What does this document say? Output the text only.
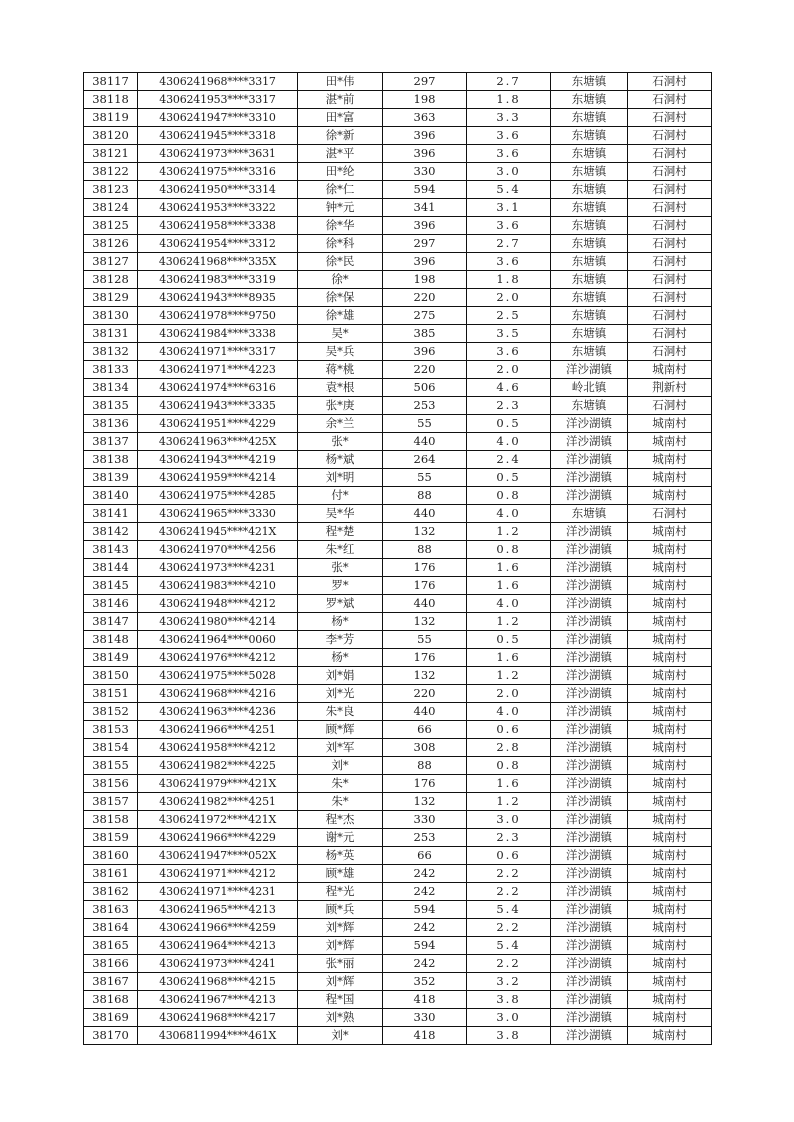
38117	4306241968****3317	田*伟	297	2.7	东塘镇	石洞村
38118	4306241953****3317	湛*前	198	1.8	东塘镇	石洞村
38119	4306241947****3310	田*富	363	3.3	东塘镇	石洞村
38120	4306241945****3318	徐*新	396	3.6	东塘镇	石洞村
38121	4306241973****3631	湛*平	396	3.6	东塘镇	石洞村
38122	4306241975****3316	田*纶	330	3.0	东塘镇	石洞村
38123	4306241950****3314	徐*仁	594	5.4	东塘镇	石洞村
38124	4306241953****3322	钟*元	341	3.1	东塘镇	石洞村
38125	4306241958****3338	徐*华	396	3.6	东塘镇	石洞村
38126	4306241954****3312	徐*科	297	2.7	东塘镇	石洞村
38127	4306241968****335X	徐*民	396	3.6	东塘镇	石洞村
38128	4306241983****3319	徐*	198	1.8	东塘镇	石洞村
38129	4306241943****8935	徐*保	220	2.0	东塘镇	石洞村
38130	4306241978****9750	徐*雄	275	2.5	东塘镇	石洞村
38131	4306241984****3338	吴*	385	3.5	东塘镇	石洞村
38132	4306241971****3317	吴*兵	396	3.6	东塘镇	石洞村
38133	4306241971****4223	蒋*桃	220	2.0	洋沙湖镇	城南村
38134	4306241974****6316	袁*根	506	4.6	岭北镇	荆新村
38135	4306241943****3335	张*庚	253	2.3	东塘镇	石洞村
38136	4306241951****4229	余*兰	55	0.5	洋沙湖镇	城南村
38137	4306241963****425X	张*	440	4.0	洋沙湖镇	城南村
38138	4306241943****4219	杨*斌	264	2.4	洋沙湖镇	城南村
38139	4306241959****4214	刘*明	55	0.5	洋沙湖镇	城南村
38140	4306241975****4285	付*	88	0.8	洋沙湖镇	城南村
38141	4306241965****3330	吴*华	440	4.0	东塘镇	石洞村
38142	4306241945****421X	程*楚	132	1.2	洋沙湖镇	城南村
38143	4306241970****4256	朱*红	88	0.8	洋沙湖镇	城南村
38144	4306241973****4231	张*	176	1.6	洋沙湖镇	城南村
38145	4306241983****4210	罗*	176	1.6	洋沙湖镇	城南村
38146	4306241948****4212	罗*斌	440	4.0	洋沙湖镇	城南村
38147	4306241980****4214	杨*	132	1.2	洋沙湖镇	城南村
38148	4306241964****0060	李*芳	55	0.5	洋沙湖镇	城南村
38149	4306241976****4212	杨*	176	1.6	洋沙湖镇	城南村
38150	4306241975****5028	刘*娟	132	1.2	洋沙湖镇	城南村
38151	4306241968****4216	刘*光	220	2.0	洋沙湖镇	城南村
38152	4306241963****4236	朱*良	440	4.0	洋沙湖镇	城南村
38153	4306241966****4251	顾*辉	66	0.6	洋沙湖镇	城南村
38154	4306241958****4212	刘*军	308	2.8	洋沙湖镇	城南村
38155	4306241982****4225	刘*	88	0.8	洋沙湖镇	城南村
38156	4306241979****421X	朱*	176	1.6	洋沙湖镇	城南村
38157	4306241982****4251	朱*	132	1.2	洋沙湖镇	城南村
38158	4306241972****421X	程*杰	330	3.0	洋沙湖镇	城南村
38159	4306241966****4229	谢*元	253	2.3	洋沙湖镇	城南村
38160	4306241947****052X	杨*英	66	0.6	洋沙湖镇	城南村
38161	4306241971****4212	顾*雄	242	2.2	洋沙湖镇	城南村
38162	4306241971****4231	程*光	242	2.2	洋沙湖镇	城南村
38163	4306241965****4213	顾*兵	594	5.4	洋沙湖镇	城南村
38164	4306241966****4259	刘*辉	242	2.2	洋沙湖镇	城南村
38165	4306241964****4213	刘*辉	594	5.4	洋沙湖镇	城南村
38166	4306241973****4241	张*丽	242	2.2	洋沙湖镇	城南村
38167	4306241968****4215	刘*辉	352	3.2	洋沙湖镇	城南村
38168	4306241967****4213	程*国	418	3.8	洋沙湖镇	城南村
38169	4306241968****4217	刘*熟	330	3.0	洋沙湖镇	城南村
38170	4306811994****461X	刘*	418	3.8	洋沙湖镇	城南村
